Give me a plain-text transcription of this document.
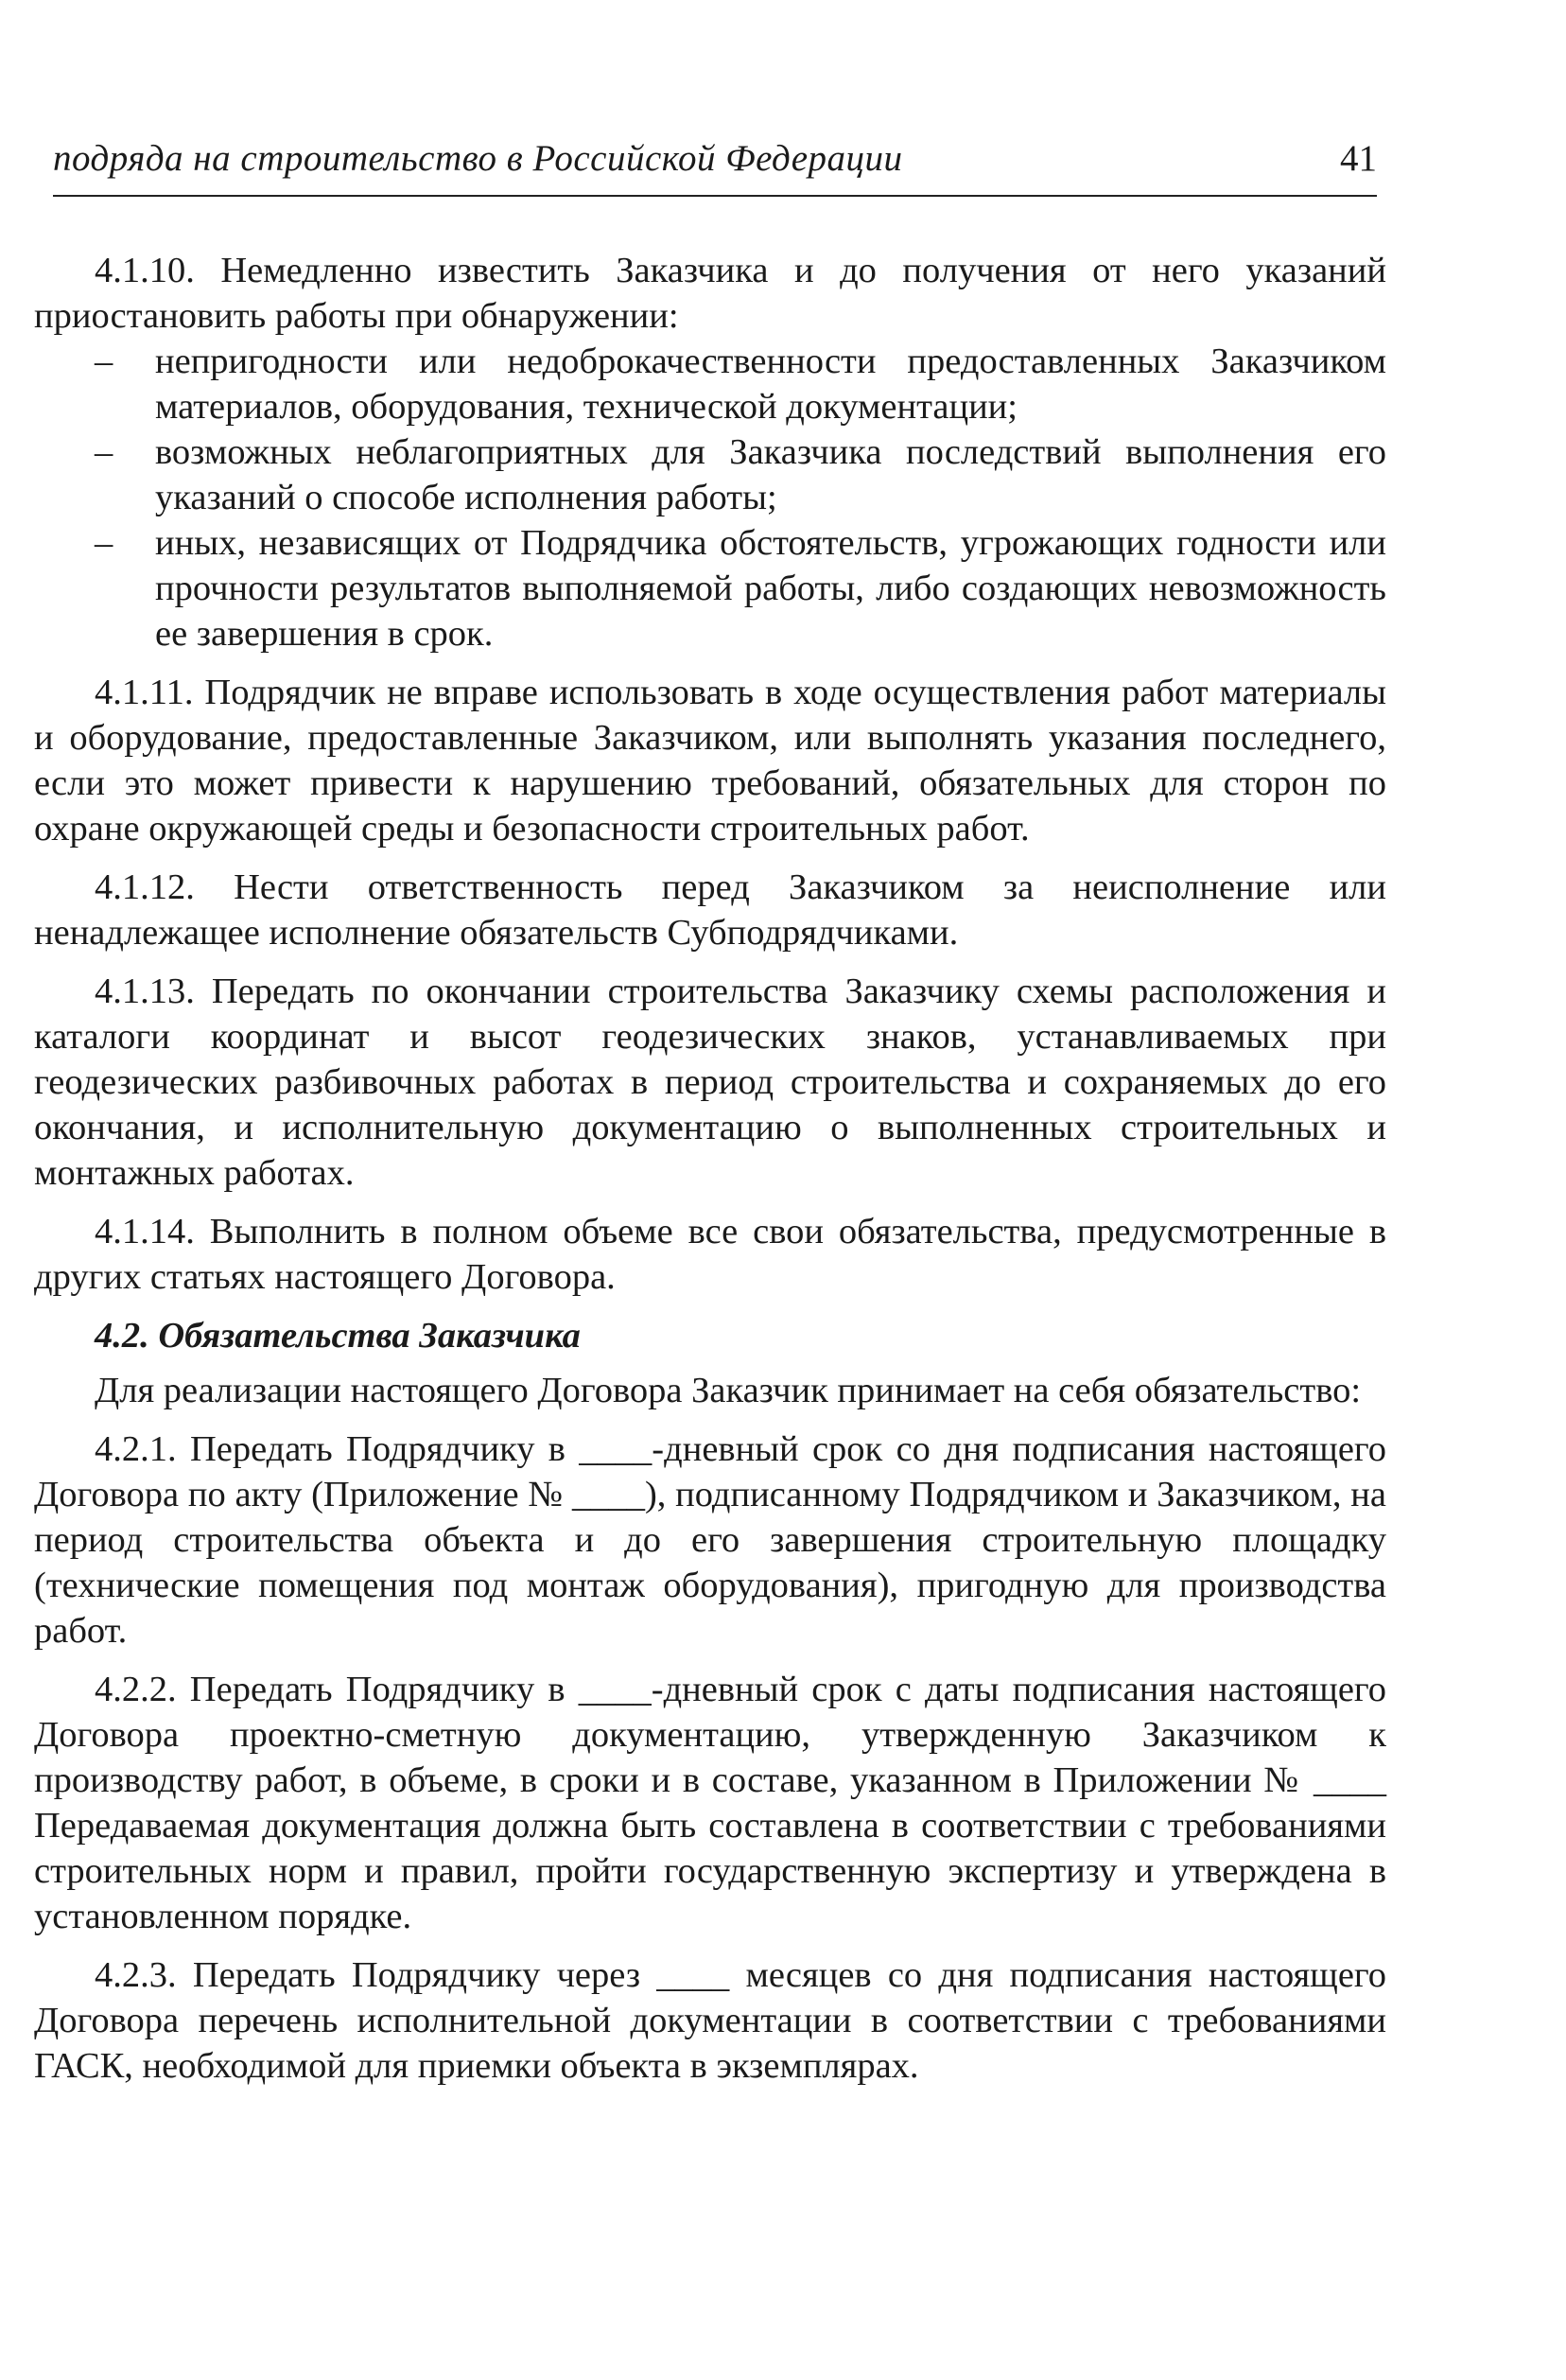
подряда на строительство в Российской Федерации	41

4.1.10. Немедленно известить Заказчика и до получения от него указаний приостановить работы при обнаружении:

– непригодности или недоброкачественности предоставленных Заказчиком материалов, оборудования, технической документации;
– возможных неблагоприятных для Заказчика последствий выполнения его указаний о способе исполнения работы;
– иных, независящих от Подрядчика обстоятельств, угрожающих годности или прочности результатов выполняемой работы, либо создающих невозможность ее завершения в срок.

4.1.11. Подрядчик не вправе использовать в ходе осуществления работ материалы и оборудование, предоставленные Заказчиком, или выполнять указания последнего, если это может привести к нарушению требований, обязательных для сторон по охране окружающей среды и безопасности строительных работ.

4.1.12. Нести ответственность перед Заказчиком за неисполнение или ненадлежащее исполнение обязательств Субподрядчиками.

4.1.13. Передать по окончании строительства Заказчику схемы расположения и каталоги координат и высот геодезических знаков, устанавливаемых при геодезических разбивочных работах в период строительства и сохраняемых до его окончания, и исполнительную документацию о выполненных строительных и монтажных работах.

4.1.14. Выполнить в полном объеме все свои обязательства, предусмотренные в других статьях настоящего Договора.

4.2. Обязательства Заказчика

Для реализации настоящего Договора Заказчик принимает на себя обязательство:

4.2.1. Передать Подрядчику в ____-дневный срок со дня подписания настоящего Договора по акту (Приложение № ____), подписанному Подрядчиком и Заказчиком, на период строительства объекта и до его завершения строительную площадку (технические помещения под монтаж оборудования), пригодную для производства работ.

4.2.2. Передать Подрядчику в ____-дневный срок с даты подписания настоящего Договора проектно-сметную документацию, утвержденную Заказчиком к производству работ, в объеме, в сроки и в составе, указанном в Приложении № ____ Передаваемая документация должна быть составлена в соответствии с требованиями строительных норм и правил, пройти государственную экспертизу и утверждена в установленном порядке.

4.2.3. Передать Подрядчику через ____ месяцев со дня подписания настоящего Договора перечень исполнительной документации в соответствии с требованиями ГАСК, необходимой для приемки объекта в экземплярах.
